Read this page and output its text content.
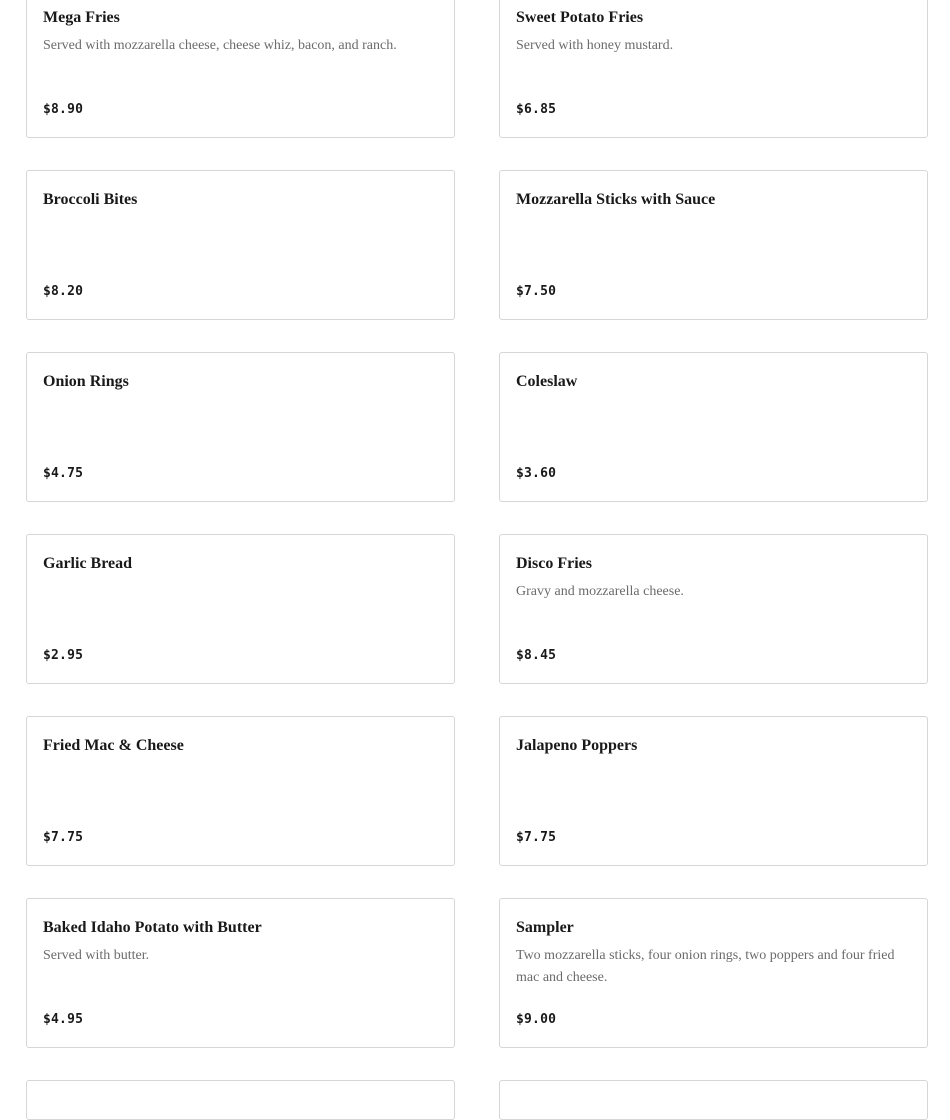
Mega Fries
Served with mozzarella cheese, cheese whiz, bacon, and ranch.
$8.90
Sweet Potato Fries
Served with honey mustard.
$6.85
Broccoli Bites
$8.20
Mozzarella Sticks with Sauce
$7.50
Onion Rings
$4.75
Coleslaw
$3.60
Garlic Bread
$2.95
Disco Fries
Gravy and mozzarella cheese.
$8.45
Fried Mac & Cheese
$7.75
Jalapeno Poppers
$7.75
Baked Idaho Potato with Butter
Served with butter.
$4.95
Sampler
Two mozzarella sticks, four onion rings, two poppers and four fried mac and cheese.
$9.00
